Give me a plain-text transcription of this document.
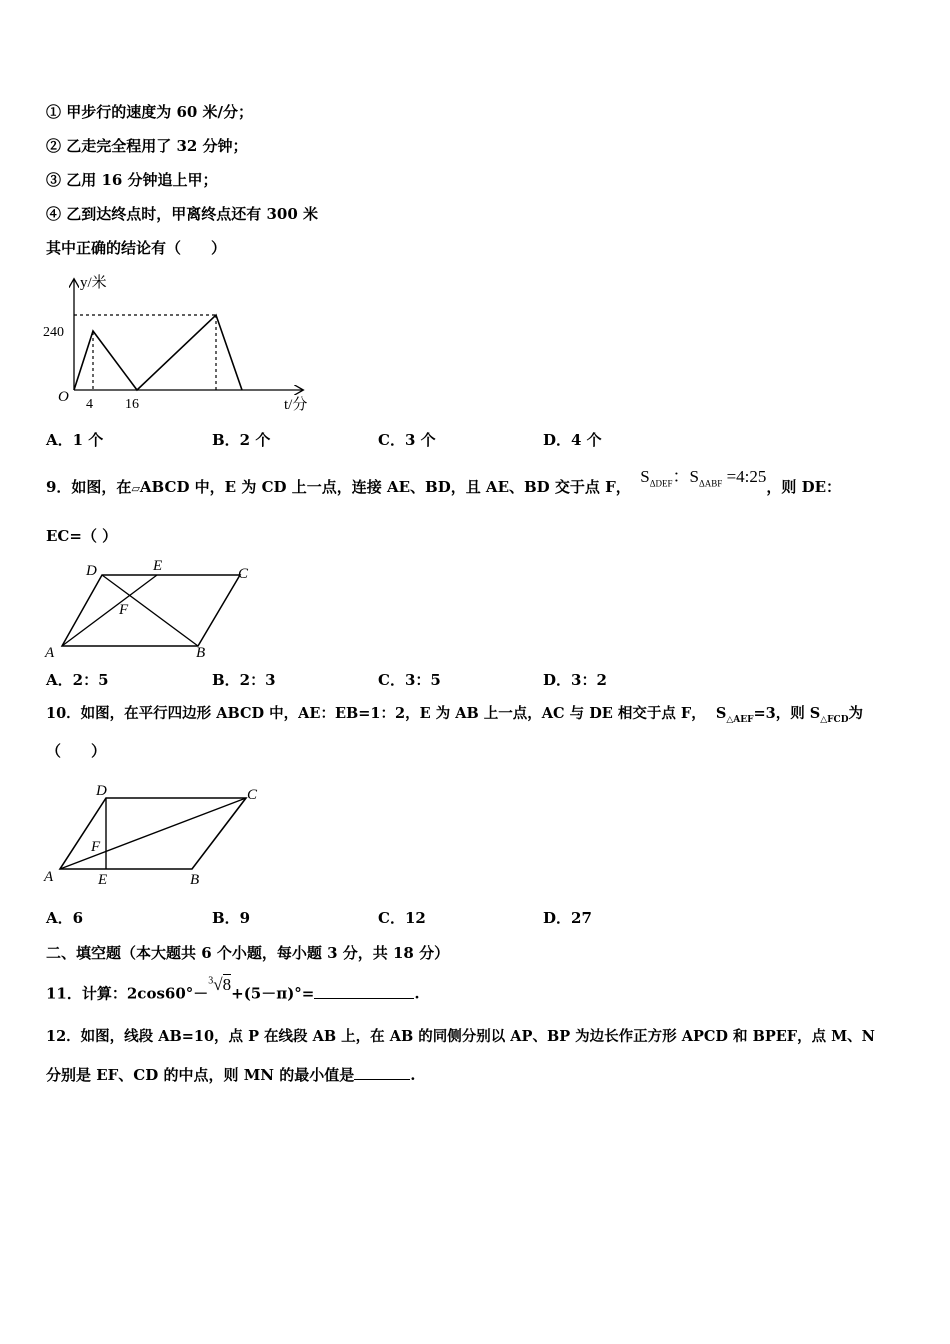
① 甲步行的速度为 60 米/分；
② 乙走完全程用了 32 分钟；
③ 乙用 16 分钟追上甲；
④ 乙到达终点时，甲离终点还有 300 米
其中正确的结论有（　　）
y/米
t/分
O
240
4 16
A．1 个	B．2 个	C．3 个	D．4 个
9．如图，在▱ABCD 中，E 为 CD 上一点，连接 AE、BD，且 AE、BD 交于点 F，  $S_{\Delta DEF}$：$S_{\Delta ABF}$ =4:25，则 DE：
EC=（ ）
D	E	C
F
A	B
A．2：5	B．2：3	C．3：5	D．3：2
10．如图，在平行四边形 ABCD 中，AE：EB=1：2，E 为 AB 上一点，AC 与 DE 相交于点 F， $S_{\triangle AEF}=3$，则 $S_{\triangle FCD}$为
（　　）
D	C
F
A	E	B
A．6	B．9	C．12	D．27
二、填空题（本大题共 6 个小题，每小题 3 分，共 18 分）
11．计算：2cos60°－$^3$√8+(5－π)°=	.
12．如图，线段 AB=10，点 P 在线段 AB 上，在 AB 的同侧分别以 AP、BP 为边长作正方形 APCD 和 BPEF，点 M、N
分别是 EF、CD 的中点，则 MN 的最小值是	.
